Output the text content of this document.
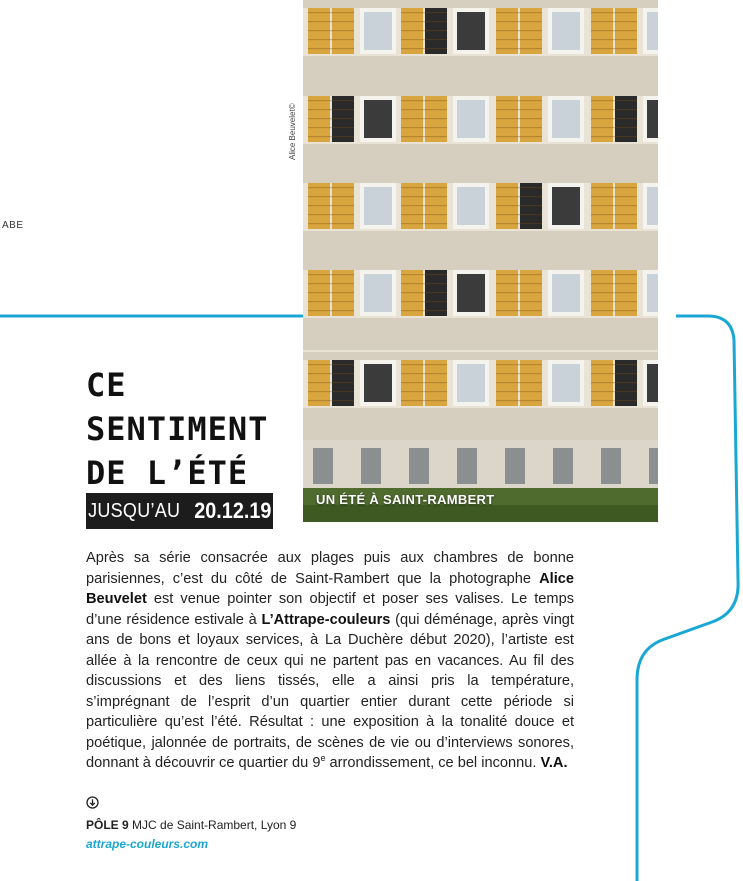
ABE
UN ÉTÉ À SAINT-RAMBERT
Alice Beuvelet©
CE
SENTIMENT
DE L’ÉTÉ
JUSQU’AU 20.12.19
Après sa série consacrée aux plages puis aux chambres de bonne parisiennes, c’est du côté de Saint-Rambert que la photographe Alice Beuvelet est venue pointer son objectif et poser ses valises. Le temps d’une résidence estivale à L’Attrape-couleurs (qui déménage, après vingt ans de bons et loyaux services, à La Duchère début 2020), l’artiste est allée à la rencontre de ceux qui ne partent pas en vacances. Au fil des discussions et des liens tissés, elle a ainsi pris la température, s’imprégnant de l’esprit d’un quartier entier durant cette période si particulière qu’est l’été. Résultat : une exposition à la tonalité douce et poétique, jalonnée de portraits, de scènes de vie ou d’interviews sonores, donnant à découvrir ce quartier du 9e arrondissement, ce bel inconnu. V.A.
PÔLE 9 MJC de Saint-Rambert, Lyon 9
attrape-couleurs.com
